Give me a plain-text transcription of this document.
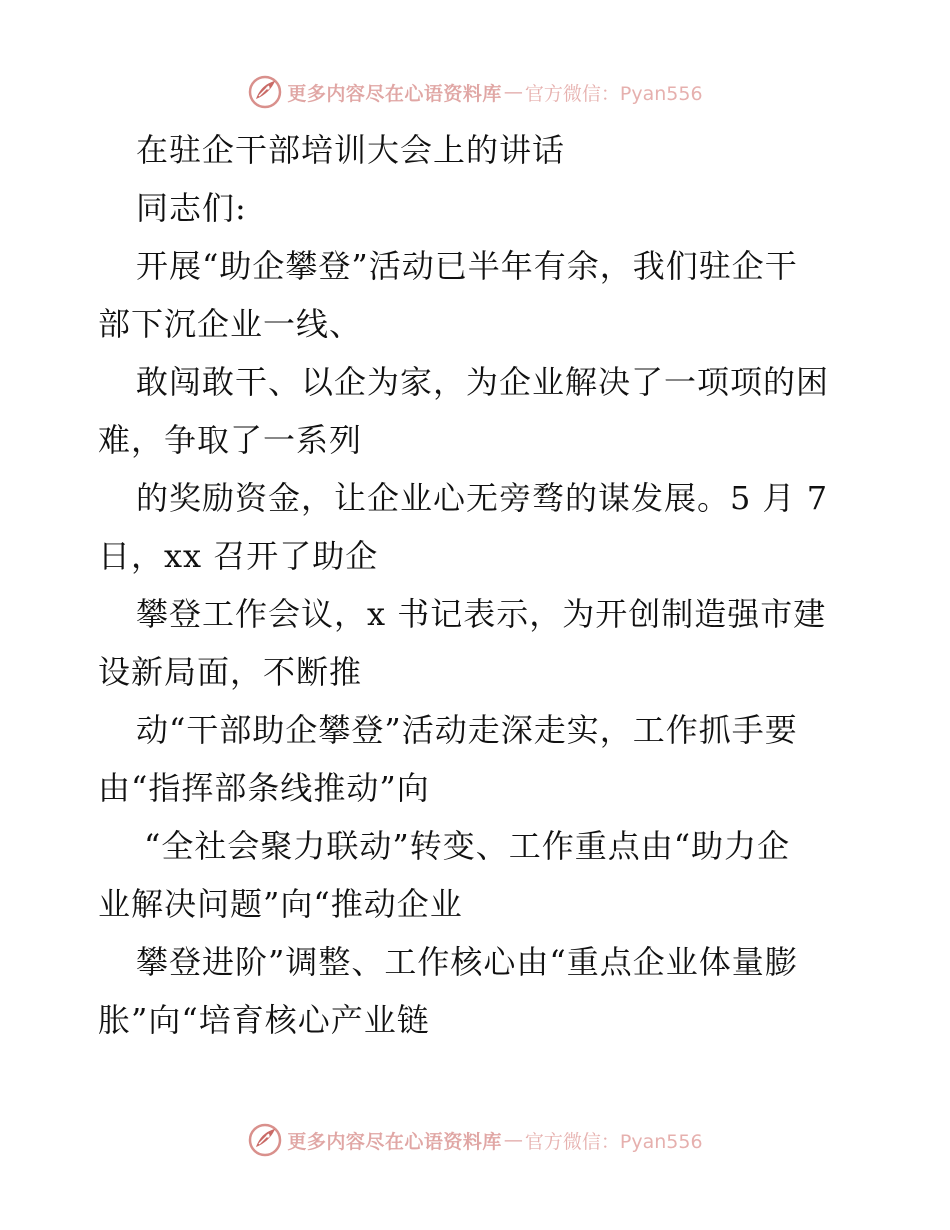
更多内容尽在心语资料库 — 官方微信：Pyan556
在驻企干部培训大会上的讲话
同志们:
开展“助企攀登”活动已半年有余，我们驻企干
部下沉企业一线、
敢闯敢干、以企为家，为企业解决了一项项的困
难，争取了一系列
的奖励资金，让企业心无旁骛的谋发展。5 月 7
日，xx 召开了助企
攀登工作会议，x 书记表示，为开创制造强市建
设新局面，不断推
动“干部助企攀登”活动走深走实，工作抓手要
由“指挥部条线推动”向
“全社会聚力联动”转变、工作重点由“助力企
业解决问题”向“推动企业
攀登进阶”调整、工作核心由“重点企业体量膨
胀”向“培育核心产业链
更多内容尽在心语资料库 — 官方微信：Pyan556
